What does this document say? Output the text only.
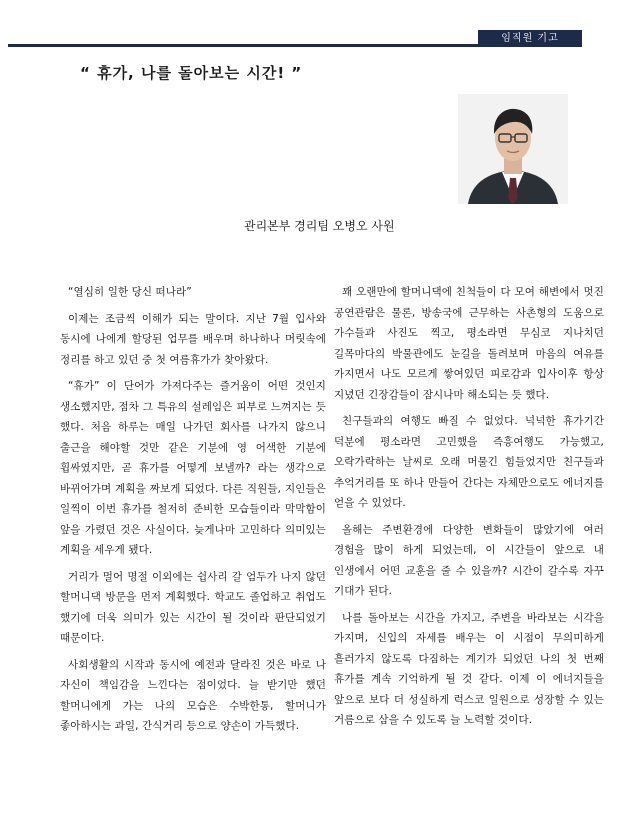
임직원 기고
“ 휴가, 나를 돌아보는 시간! ”
관리본부 경리팀 오병오 사원

“열심히 일한 당신 떠나라”

이제는 조금씩 이해가 되는 말이다. 지난 7월 입사와 동시에 나에게 할당된 업무를 배우며 하나하나 머릿속에 정리를 하고 있던 중 첫 여름휴가가 찾아왔다.

“휴가” 이 단어가 가져다주는 즐거움이 어떤 것인지 생소했지만, 점차 그 특유의 설레임은 피부로 느껴지는 듯 했다. 처음 하루는 매일 나가던 회사를 나가지 않으니 출근을 해야할 것만 같은 기분에 영 어색한 기분에 휩싸였지만, 곧 휴가를 어떻게 보낼까? 라는 생각으로 바뀌어가며 계획을 짜보게 되었다. 다른 직원들, 지인들은 일찍이 이번 휴가를 철저히 준비한 모습들이라 막막함이 앞을 가렸던 것은 사실이다. 늦게나마 고민하다 의미있는 계획을 세우게 됐다.

거리가 멀어 명절 이외에는 쉽사리 갈 엄두가 나지 않던 할머니댁 방문을 먼저 계획했다. 학교도 졸업하고 취업도 했기에 더욱 의미가 있는 시간이 될 것이라 판단되었기 때문이다.

사회생활의 시작과 동시에 예전과 달라진 것은 바로 나 자신이 책임감을 느낀다는 점이었다. 늘 받기만 했던 할머니에게 가는 나의 모습은 수박한통, 할머니가 좋아하시는 과일, 간식거리 등으로 양손이 가득했다.

꽤 오랜만에 할머니댁에 친척들이 다 모여 해변에서 멋진 공연관람은 물론, 방송국에 근무하는 사촌형의 도움으로 가수들과 사진도 찍고, 평소라면 무심코 지나치던 길목마다의 박물관에도 눈길을 돌려보며 마음의 여유를 가지면서 나도 모르게 쌓여있던 피로감과 입사이후 항상 지녔던 긴장감들이 잠시나마 해소되는 듯 했다.

친구들과의 여행도 빠질 수 없었다. 넉넉한 휴가기간 덕분에 평소라면 고민했을 즉흥여행도 가능했고, 오락가락하는 날씨로 오래 머물긴 힘들었지만 친구들과 추억거리를 또 하나 만들어 간다는 자체만으로도 에너지를 얻을 수 있었다.

올해는 주변환경에 다양한 변화들이 많았기에 여러 경험을 많이 하게 되었는데, 이 시간들이 앞으로 내 인생에서 어떤 교훈을 줄 수 있을까? 시간이 갈수록 자꾸 기대가 된다.

나를 돌아보는 시간을 가지고, 주변을 바라보는 시각을 가지며, 신입의 자세를 배우는 이 시점이 무의미하게 흘러가지 않도록 다짐하는 계기가 되었던 나의 첫 번째 휴가를 계속 기억하게 될 것 같다. 이제 이 에너지들을 앞으로 보다 더 성실하게 럭스코 일원으로 성장할 수 있는 거름으로 삼을 수 있도록 늘 노력할 것이다.
